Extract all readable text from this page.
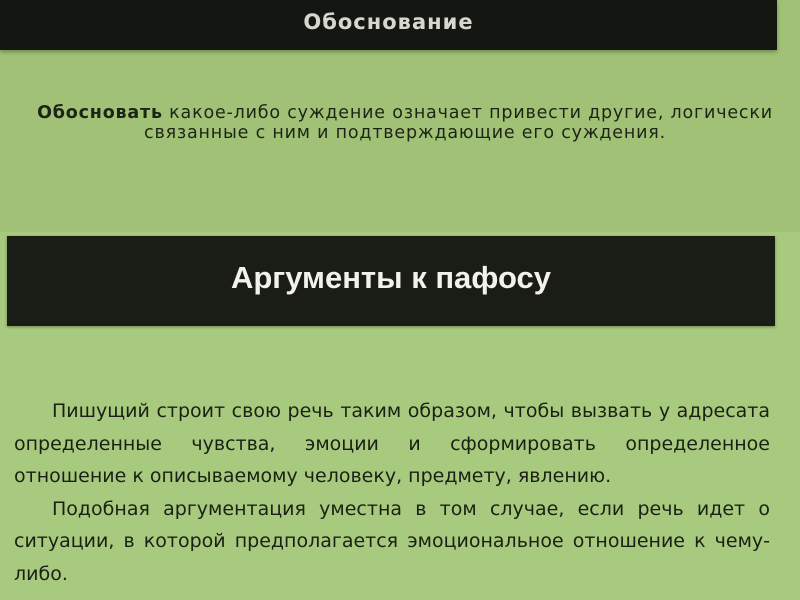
Обоснование
Обосновать какое-либо суждение означает привести другие, логически связанные с ним и подтверждающие его суждения.
Аргументы к пафосу

Пишущий строит свою речь таким образом, чтобы вызвать у адресата определенные чувства, эмоции и сформировать определенное отношение к описываемому человеку, предмету, явлению.

Подобная аргументация уместна в том случае, если речь идет о ситуации, в которой предполагается эмоциональное отношение к чему-либо.
